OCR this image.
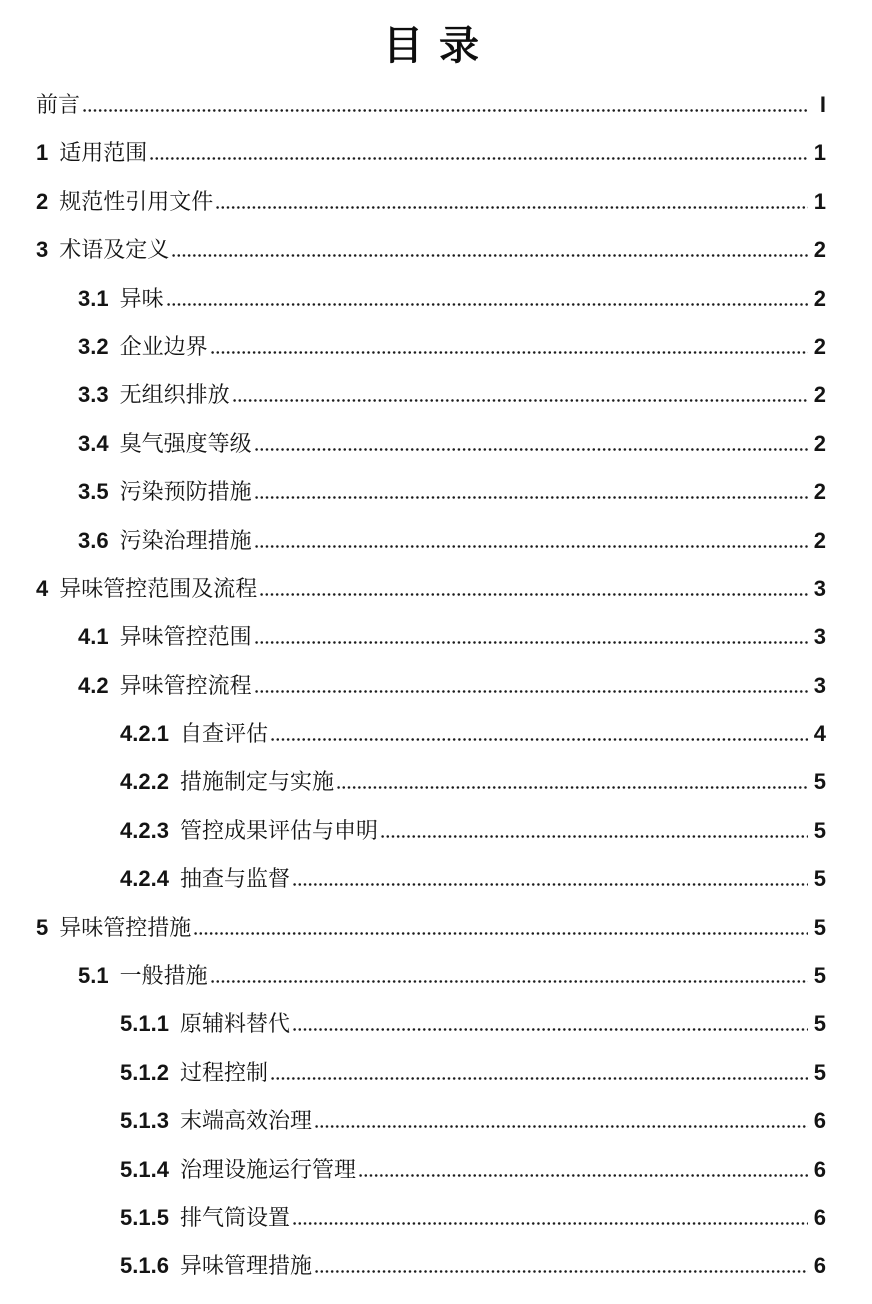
目录
前言	I
1 适用范围	1
2 规范性引用文件	1
3 术语及定义	2
3.1 异味	2
3.2 企业边界	2
3.3 无组织排放	2
3.4 臭气强度等级	2
3.5 污染预防措施	2
3.6 污染治理措施	2
4 异味管控范围及流程	3
4.1 异味管控范围	3
4.2 异味管控流程	3
4.2.1 自查评估	4
4.2.2 措施制定与实施	5
4.2.3 管控成果评估与申明	5
4.2.4 抽查与监督	5
5 异味管控措施	5
5.1 一般措施	5
5.1.1 原辅料替代	5
5.1.2 过程控制	5
5.1.3 末端高效治理	6
5.1.4 治理设施运行管理	6
5.1.5 排气筒设置	6
5.1.6 异味管理措施	6
